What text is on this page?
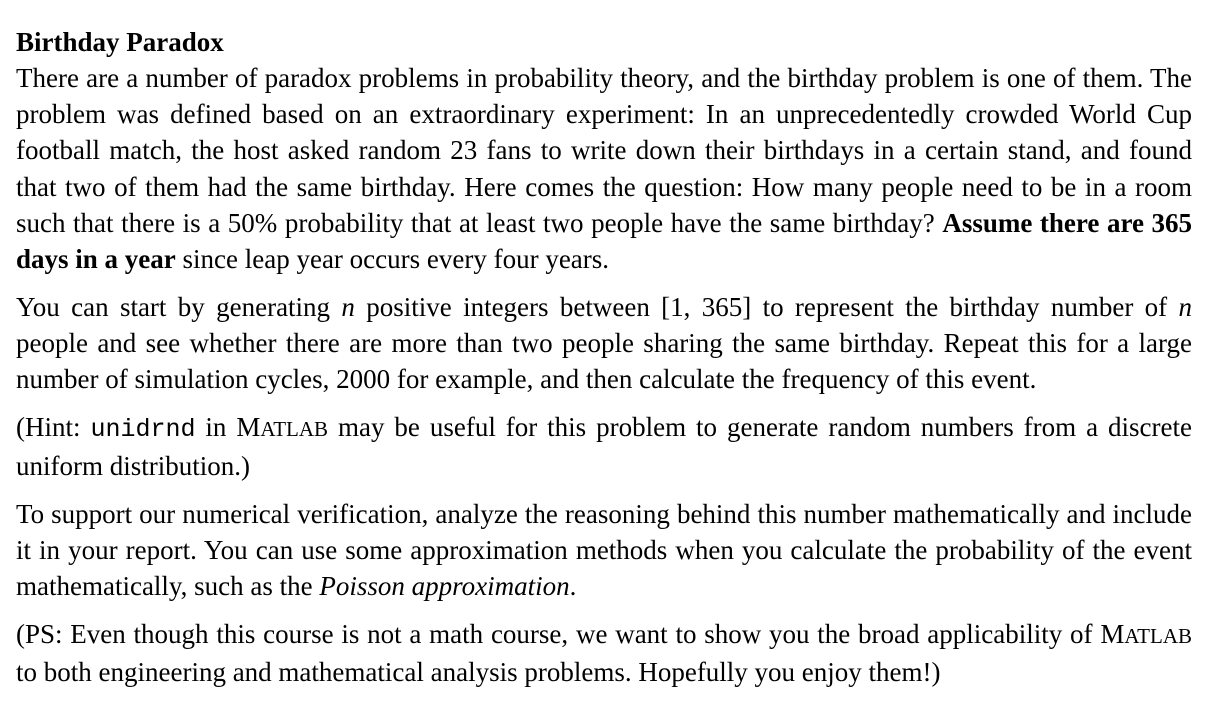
Birthday Paradox

There are a number of paradox problems in probability theory, and the birthday problem is one of them. The problem was defined based on an extraordinary experiment: In an unprecedentedly crowded World Cup football match, the host asked random 23 fans to write down their birthdays in a certain stand, and found that two of them had the same birthday. Here comes the question: How many people need to be in a room such that there is a 50% probability that at least two people have the same birthday? Assume there are 365 days in a year since leap year occurs every four years.

You can start by generating n positive integers between [1, 365] to represent the birthday number of n people and see whether there are more than two people sharing the same birthday. Repeat this for a large number of simulation cycles, 2000 for example, and then calculate the frequency of this event.

(Hint: unidrnd in MATLAB may be useful for this problem to generate random numbers from a discrete uniform distribution.)

To support our numerical verification, analyze the reasoning behind this number mathematically and include it in your report. You can use some approximation methods when you calculate the probability of the event mathematically, such as the Poisson approximation.

(PS: Even though this course is not a math course, we want to show you the broad applicability of MATLAB to both engineering and mathematical analysis problems. Hopefully you enjoy them!)
